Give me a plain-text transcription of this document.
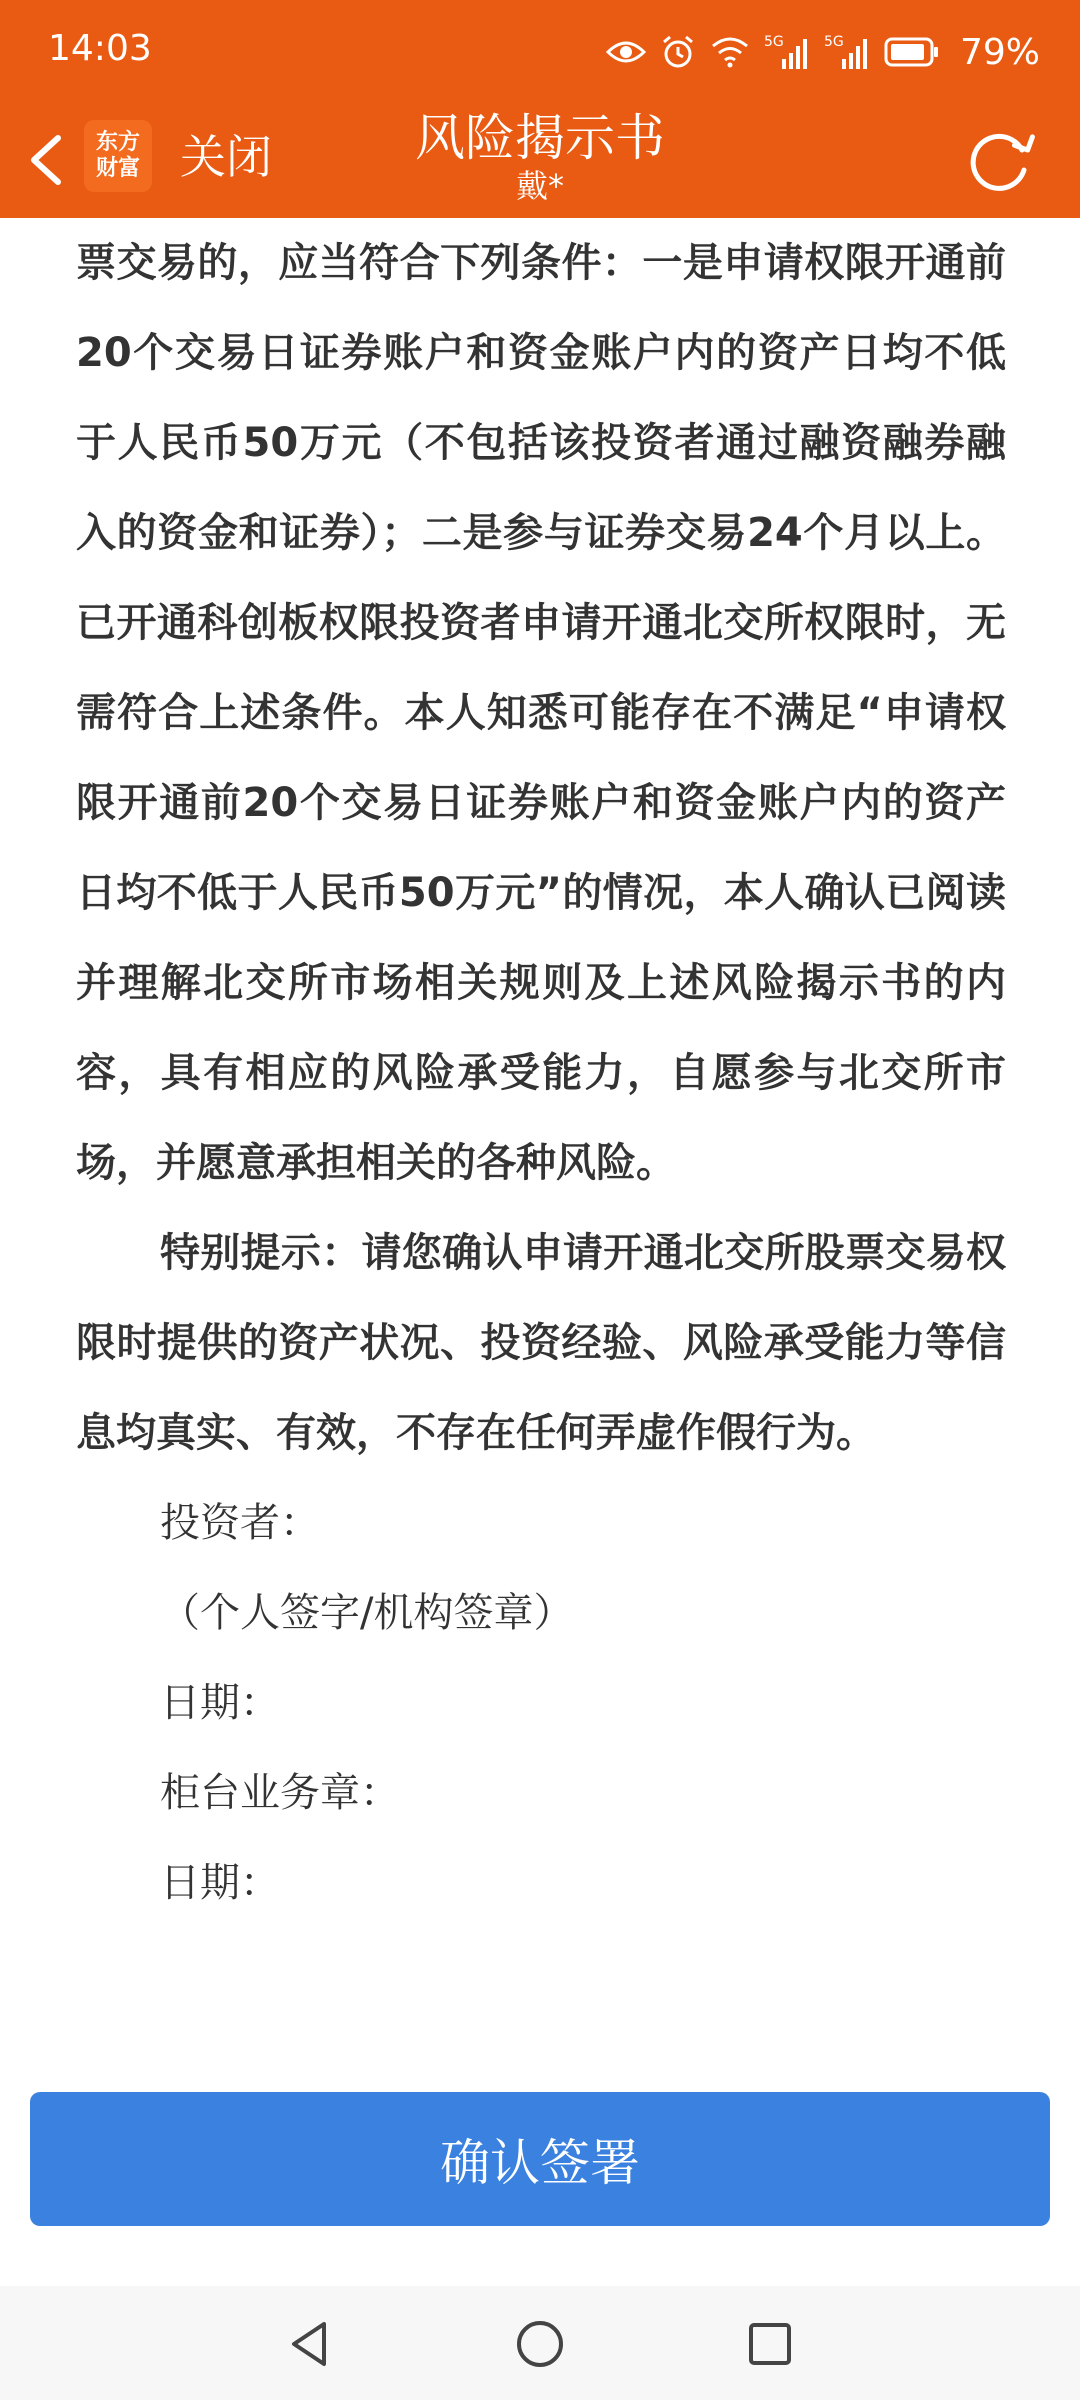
14:03	5G	5G	79%
东方
财富
风险揭示书
戴*
关闭

票交易的，应当符合下列条件：一是申请权限开通前20个交易日证券账户和资金账户内的资产日均不低于人民币50万元（不包括该投资者通过融资融券融入的资金和证券）；二是参与证券交易24个月以上。已开通科创板权限投资者申请开通北交所权限时，无需符合上述条件。本人知悉可能存在不满足“申请权限开通前20个交易日证券账户和资金账户内的资产日均不低于人民币50万元”的情况，本人确认已阅读并理解北交所市场相关规则及上述风险揭示书的内容，具有相应的风险承受能力，自愿参与北交所市场，并愿意承担相关的各种风险。

特别提示：请您确认申请开通北交所股票交易权限时提供的资产状况、投资经验、风险承受能力等信息均真实、有效，不存在任何弄虚作假行为。

投资者：

（个人签字/机构签章）

日期：

柜台业务章：

日期：

确认签署
